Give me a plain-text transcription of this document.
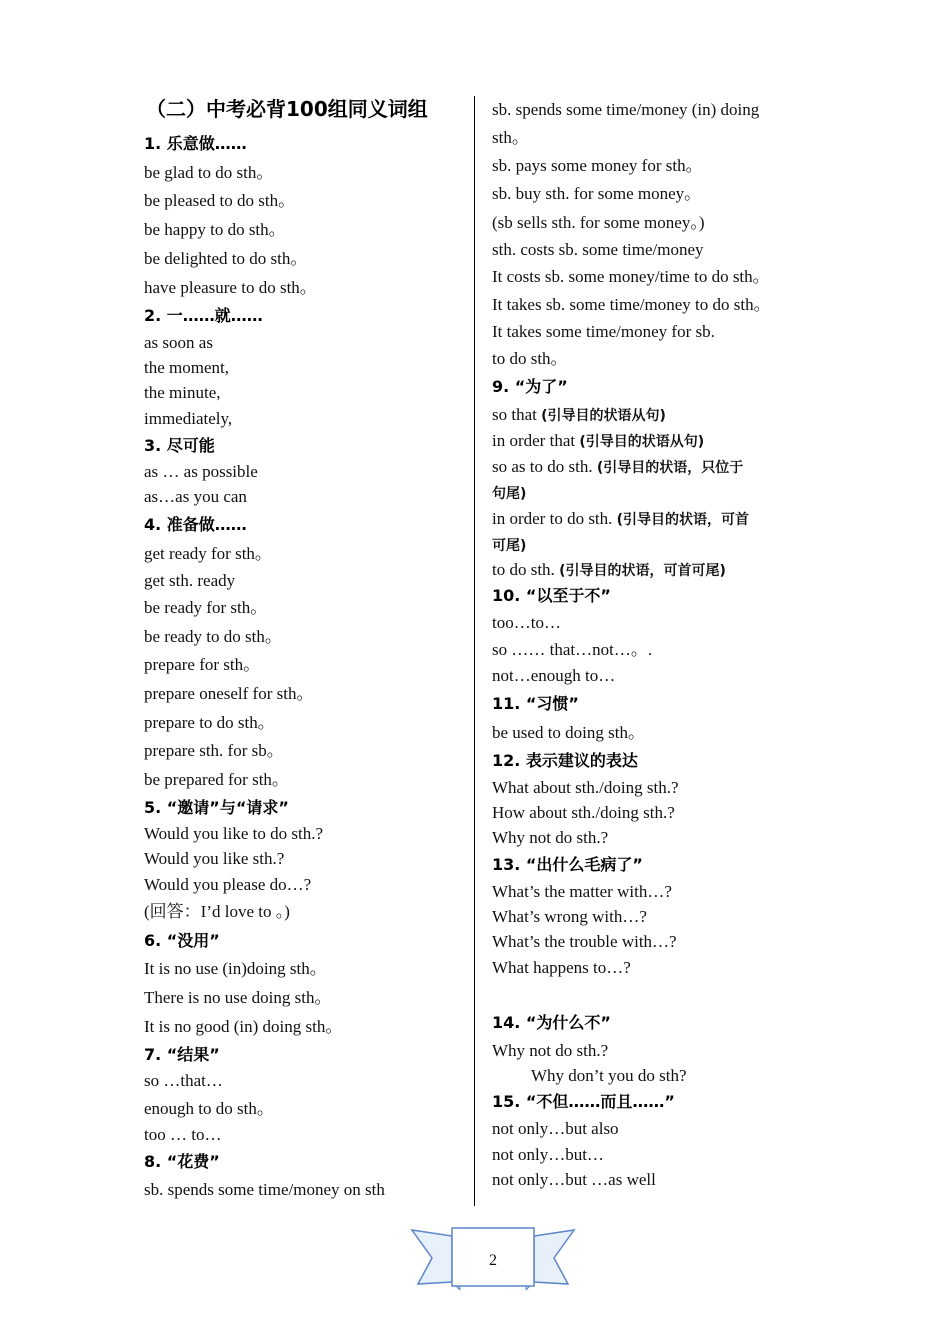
（二）中考必背100组同义词组
1. 乐意做……
be glad to do sth。
be pleased to do sth。
be happy to do sth。
be delighted to do sth。
have pleasure to do sth。
2. 一……就……
as soon as
the moment,
the minute,
immediately,
3. 尽可能
as … as possible
as…as you can
4. 准备做……
get ready for sth。
get sth. ready
be ready for sth。
be ready to do sth。
prepare for sth。
prepare oneself for sth。
prepare to do sth。
prepare sth. for sb。
be prepared for sth。
5. “邀请”与“请求”
Would you like to do sth.?
Would you like sth.?
Would you please do…?
(回答：I’d love to 。)
6. “没用”
It is no use (in)doing sth。
There is no use doing sth。
It is no good (in) doing sth。
7. “结果”
so …that…
enough to do sth。
too … to…
8. “花费”
sb. spends some time/money on sth
sb. spends some time/money (in) doing
sth。
sb. pays some money for sth。
sb. buy sth. for some money。
(sb sells sth. for some money。)
sth. costs sb. some time/money
It costs sb. some money/time to do sth。
It takes sb. some time/money to do sth。
It takes some time/money for sb.
to do sth。
9. “为了”
so that (引导目的状语从句)
in order that (引导目的状语从句)
so as to do sth. (引导目的状语，只位于
句尾)
in order to do sth. (引导目的状语，可首
可尾)
to do sth. (引导目的状语，可首可尾)
10. “以至于不”
too…to…
so …… that…not…。.
not…enough to…
11. “习惯”
be used to doing sth。
12. 表示建议的表达
What about sth./doing sth.?
How about sth./doing sth.?
Why not do sth.?
13. “出什么毛病了”
What’s the matter with…?
What’s wrong with…?
What’s the trouble with…?
What happens to…?
14. “为什么不”
Why not do sth.?
Why don’t you do sth?
15. “不但……而且……”
not only…but also
not only…but…
not only…but …as well
2
